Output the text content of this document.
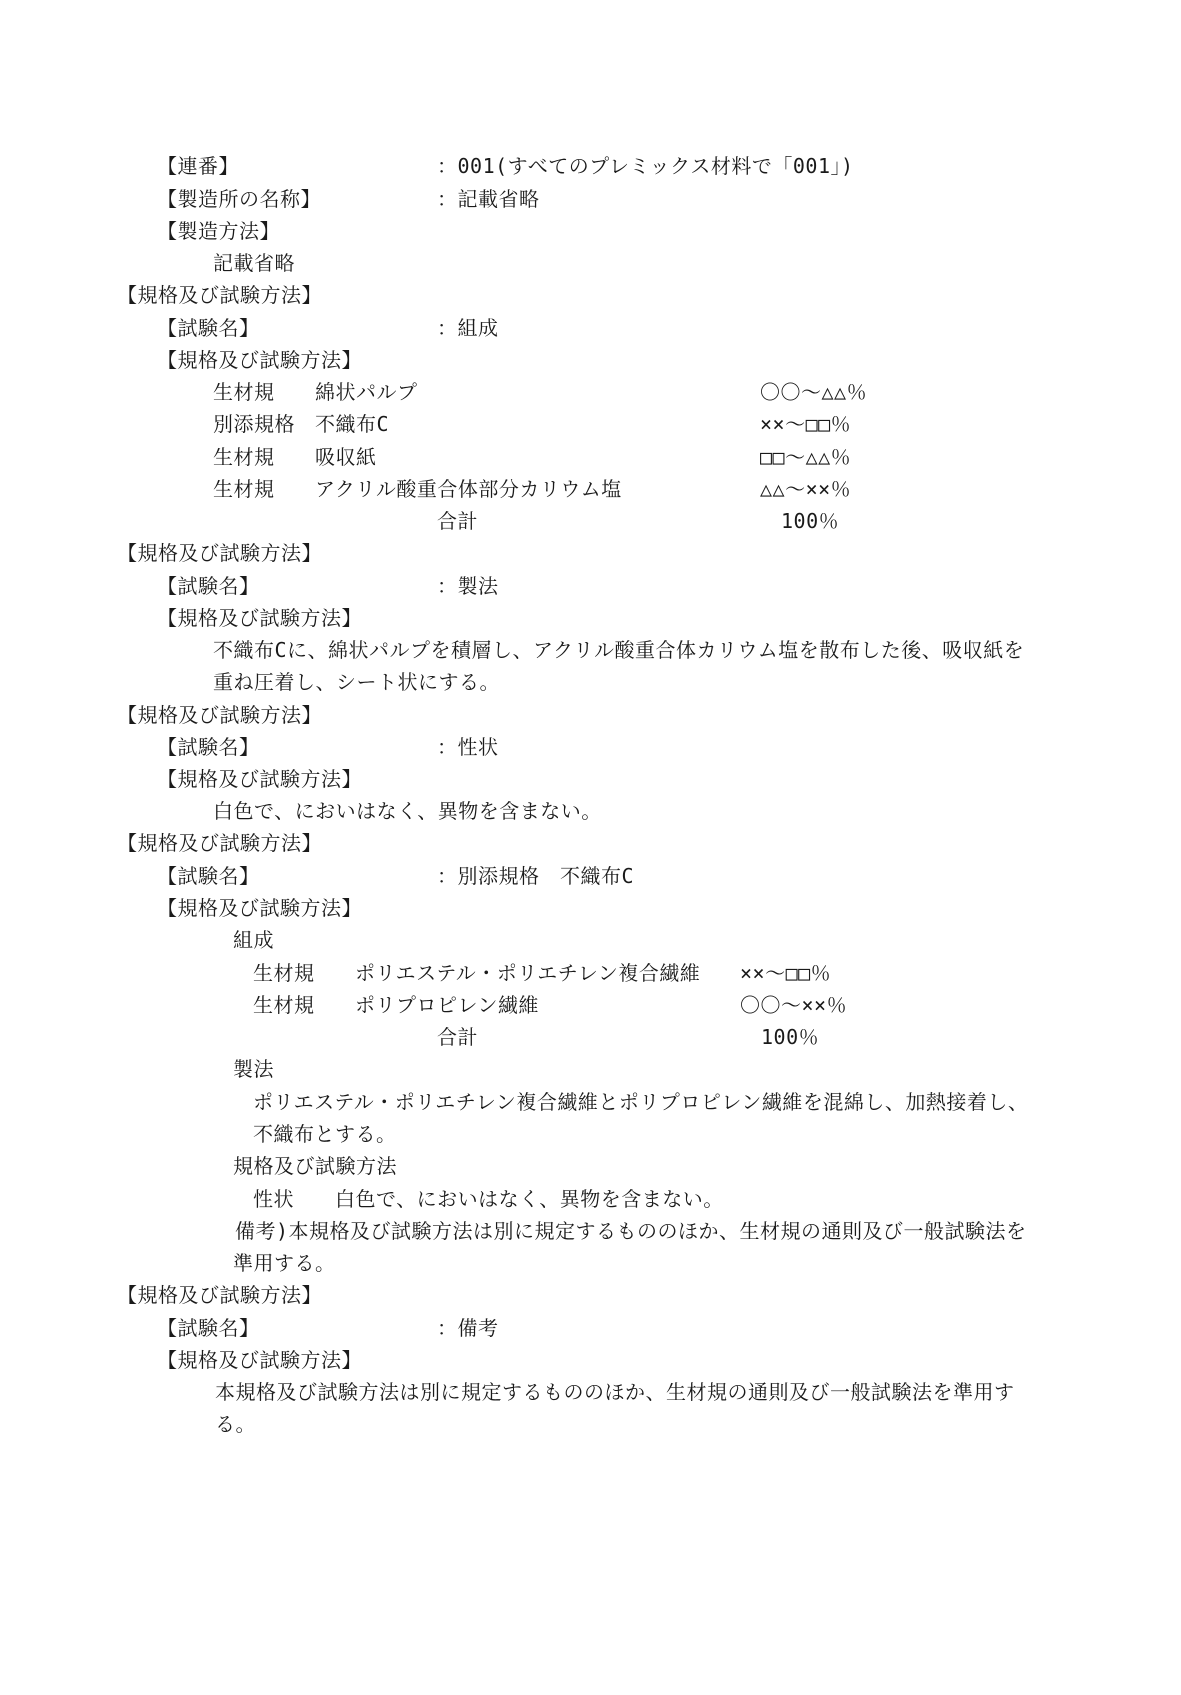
【連番】	：001(すべてのプレミックス材料で「001」)
【製造所の名称】	：記載省略
【製造方法】
記載省略
【規格及び試験方法】
【試験名】	：組成
【規格及び試験方法】
生材規 綿状パルプ	〇〇～△△％
別添規格 不織布C	××～□□％
生材規 吸収紙	□□～△△％
生材規 アクリル酸重合体部分カリウム塩	△△～××％
合計	100％
【規格及び試験方法】
【試験名】	：製法
【規格及び試験方法】
不織布Cに、綿状パルプを積層し、アクリル酸重合体カリウム塩を散布した後、吸収紙を
重ね圧着し、シート状にする。
【規格及び試験方法】
【試験名】	：性状
【規格及び試験方法】
白色で、においはなく、異物を含まない。
【規格及び試験方法】
【試験名】	：別添規格　不織布C
【規格及び試験方法】
組成
生材規 ポリエステル・ポリエチレン複合繊維 ××～□□％
生材規 ポリプロピレン繊維	〇〇～××％
合計	100％
製法
ポリエステル・ポリエチレン複合繊維とポリプロピレン繊維を混綿し、加熱接着し、
不織布とする。
規格及び試験方法
性状 白色で、においはなく、異物を含まない。
備考)本規格及び試験方法は別に規定するもののほか、生材規の通則及び一般試験法を
準用する。
【規格及び試験方法】
【試験名】	：備考
【規格及び試験方法】
本規格及び試験方法は別に規定するもののほか、生材規の通則及び一般試験法を準用す
る。
